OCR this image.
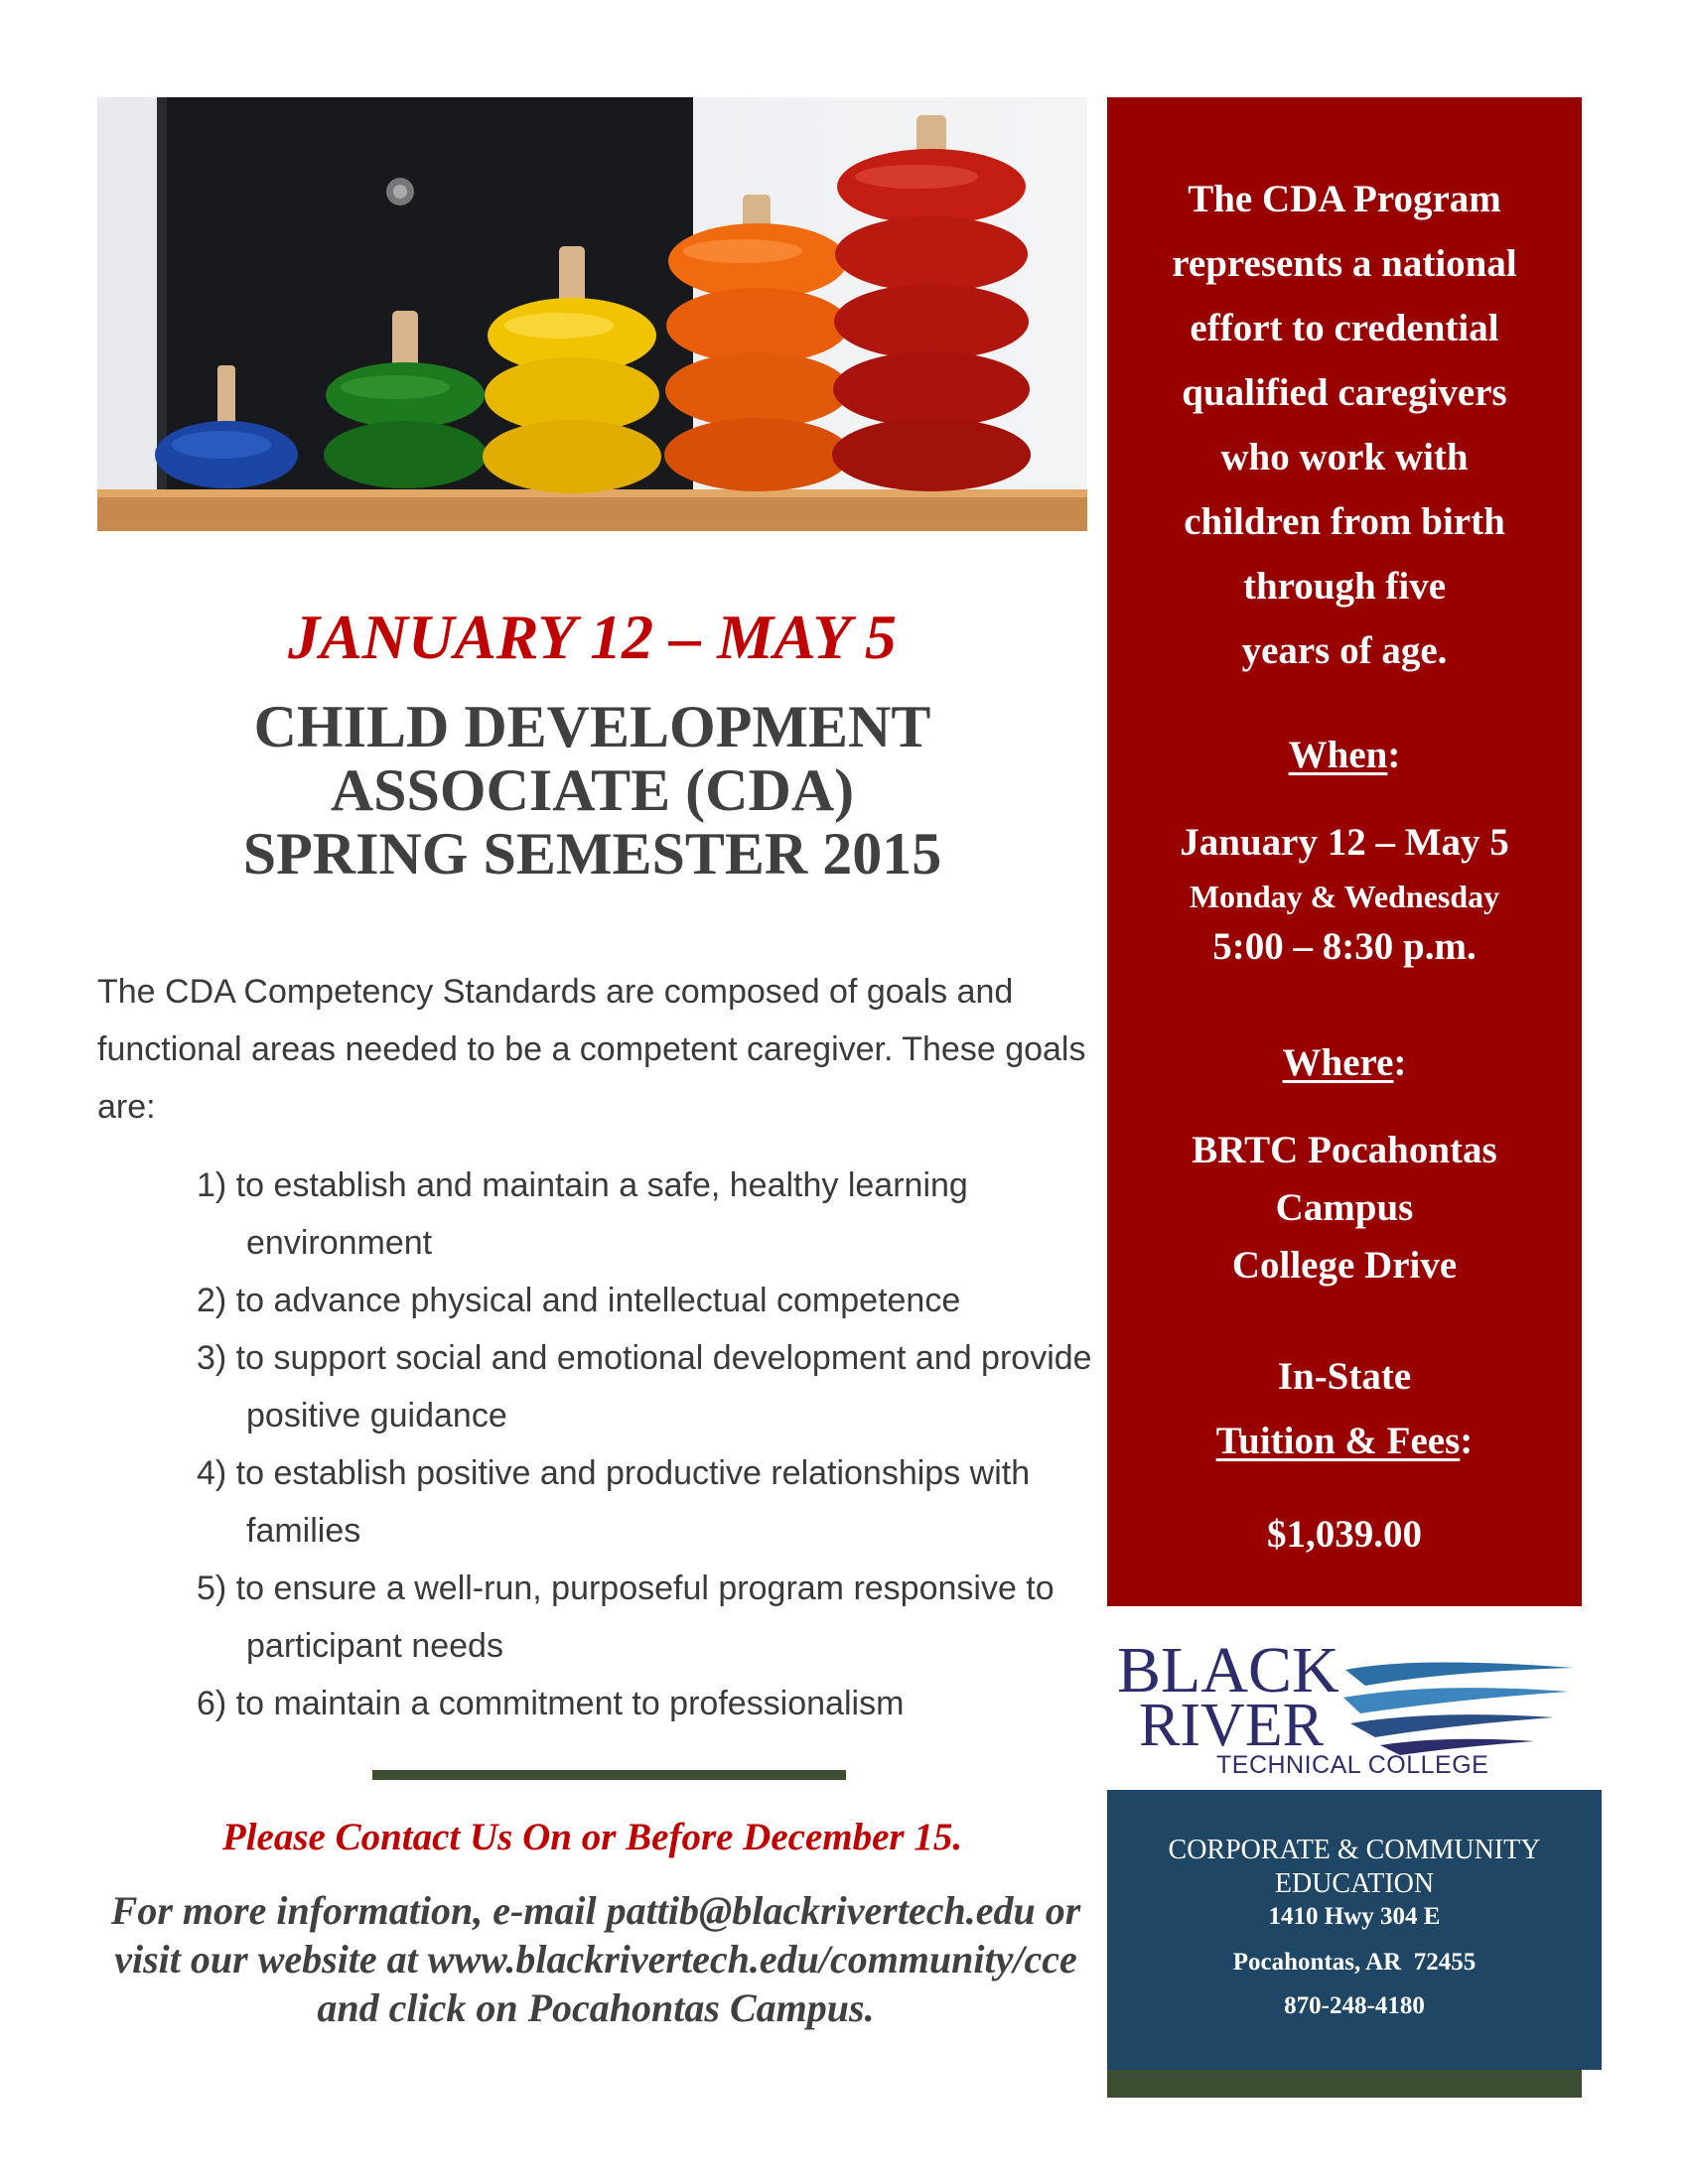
JANUARY 12 – MAY 5
CHILD DEVELOPMENT
ASSOCIATE (CDA)
SPRING SEMESTER 2015

The CDA Competency Standards are composed of goals and functional areas needed to be a competent caregiver. These goals are:

1) to establish and maintain a safe, healthy learning environment
2) to advance physical and intellectual competence
3) to support social and emotional development and provide positive guidance
4) to establish positive and productive relationships with families
5) to ensure a well-run, purposeful program responsive to participant needs
6) to maintain a commitment to professionalism
Please Contact Us On or Before December 15.
For more information, e-mail pattib@blackrivertech.edu or visit our website at www.blackrivertech.edu/community/cce and click on Pocahontas Campus.
The CDA Program
represents a national
effort to credential
qualified caregivers
who work with
children from birth
through five
years of age.
When:
January 12 – May 5
Monday & Wednesday
5:00 – 8:30 p.m.
Where:
BRTC Pocahontas
Campus
College Drive
In-State
Tuition & Fees:
$1,039.00
BLACK
RIVER
TECHNICAL COLLEGE
CORPORATE & COMMUNITY
EDUCATION
1410 Hwy 304 E
Pocahontas, AR  72455
870-248-4180
